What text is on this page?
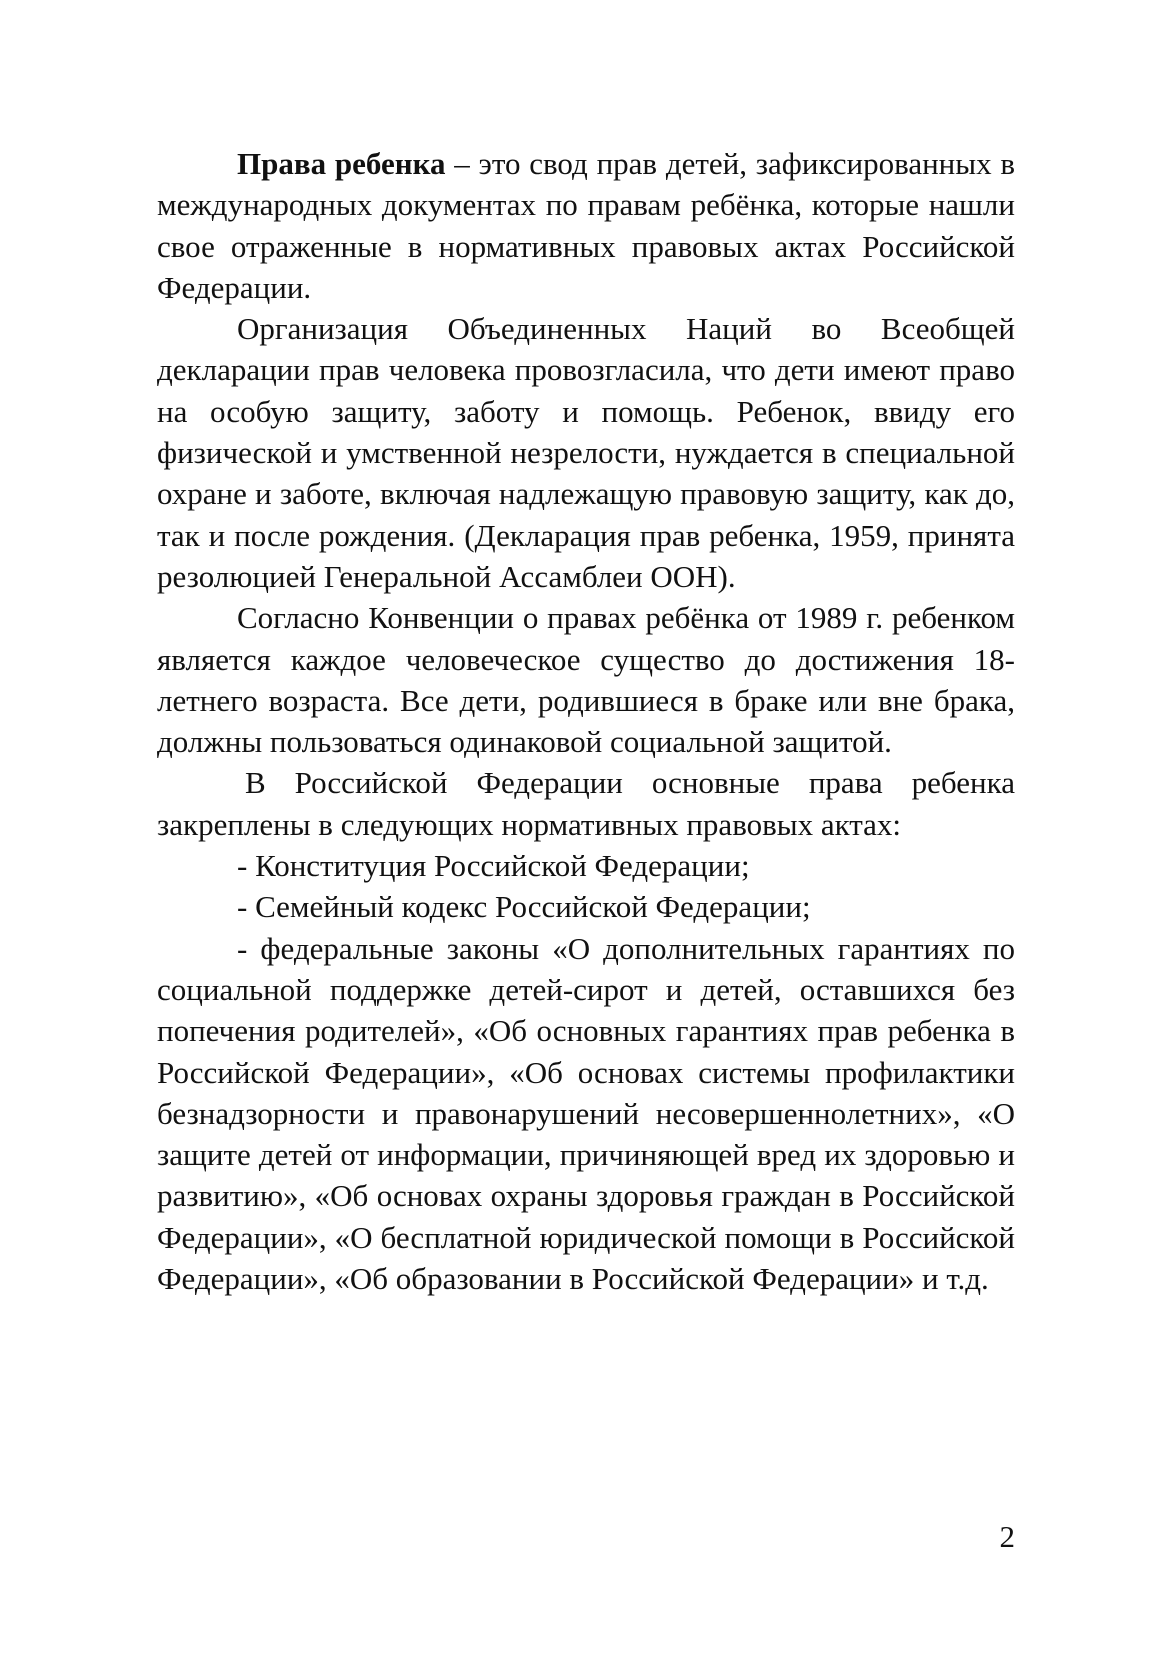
Права ребенка – это свод прав детей, зафиксированных в международных документах по правам ребёнка, которые нашли свое отраженные в нормативных правовых актах Российской Федерации.

Организация Объединенных Наций во Всеобщей декларации прав человека провозгласила, что дети имеют право на особую защиту, заботу и помощь. Ребенок, ввиду его физической и умственной незрелости, нуждается в специальной охране и заботе, включая надлежащую правовую защиту, как до, так и после рождения. (Декларация прав ребенка, 1959, принята резолюцией Генеральной Ассамблеи ООН).

Согласно Конвенции о правах ребёнка от 1989 г. ребенком является каждое человеческое существо до достижения 18-летнего возраста. Все дети, родившиеся в браке или вне брака, должны пользоваться одинаковой социальной защитой.

В Российской Федерации основные права ребенка закреплены в следующих нормативных правовых актах:

- Конституция Российской Федерации;

- Семейный кодекс Российской Федерации;

- федеральные законы «О дополнительных гарантиях по социальной поддержке детей-сирот и детей, оставшихся без попечения родителей», «Об основных гарантиях прав ребенка в Российской Федерации», «Об основах системы профилактики безнадзорности и правонарушений несовершеннолетних», «О защите детей от информации, причиняющей вред их здоровью и развитию», «Об основах охраны здоровья граждан в Российской Федерации», «О бесплатной юридической помощи в Российской Федерации», «Об образовании в Российской Федерации» и т.д.

2
